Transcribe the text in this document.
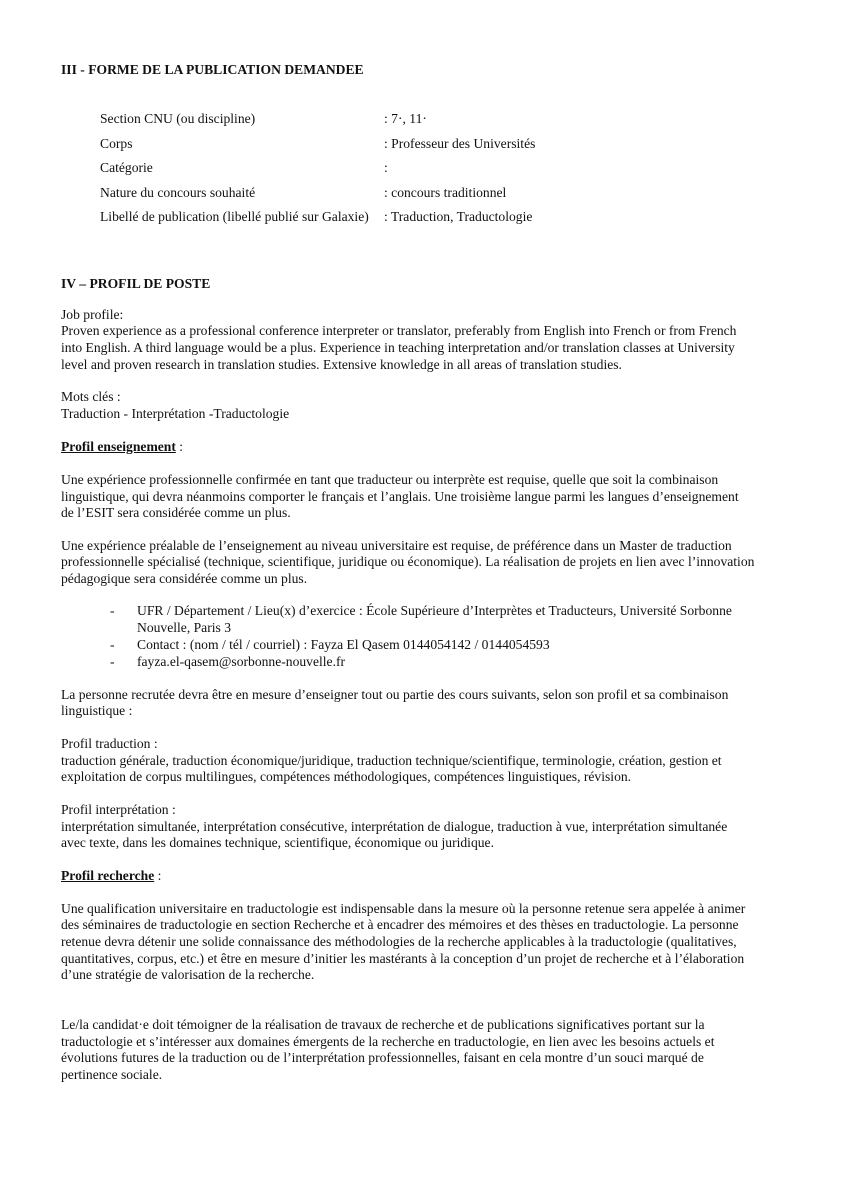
III - FORME DE LA PUBLICATION DEMANDEE
Section CNU (ou discipline)	: 7·, 11·
Corps	: Professeur des Universités
Catégorie	:
Nature du concours souhaité	: concours traditionnel
Libellé de publication (libellé publié sur Galaxie) : Traduction, Traductologie
IV – PROFIL DE POSTE
Job profile:
Proven experience as a professional conference interpreter or translator, preferably from English into French or from French
into English. A third language would be a plus. Experience in teaching interpretation and/or translation classes at University
level and proven research in translation studies. Extensive knowledge in all areas of translation studies.
Mots clés :
Traduction - Interprétation -Traductologie
Profil enseignement :
Une expérience professionnelle confirmée en tant que traducteur ou interprète est requise, quelle que soit la combinaison
linguistique, qui devra néanmoins comporter le français et l’anglais. Une troisième langue parmi les langues d’enseignement
de l’ESIT sera considérée comme un plus.
Une expérience préalable de l’enseignement au niveau universitaire est requise, de préférence dans un Master de traduction
professionnelle spécialisé (technique, scientifique, juridique ou économique). La réalisation de projets en lien avec l’innovation
pédagogique sera considérée comme un plus.
- UFR / Département / Lieu(x) d’exercice : École Supérieure d’Interprètes et Traducteurs, Université Sorbonne
Nouvelle, Paris 3
- Contact : (nom / tél / courriel) : Fayza El Qasem 0144054142 / 0144054593
- fayza.el-qasem@sorbonne-nouvelle.fr
La personne recrutée devra être en mesure d’enseigner tout ou partie des cours suivants, selon son profil et sa combinaison
linguistique :
Profil traduction :
traduction générale, traduction économique/juridique, traduction technique/scientifique, terminologie, création, gestion et
exploitation de corpus multilingues, compétences méthodologiques, compétences linguistiques, révision.
Profil interprétation :
interprétation simultanée, interprétation consécutive, interprétation de dialogue, traduction à vue, interprétation simultanée
avec texte, dans les domaines technique, scientifique, économique ou juridique.
Profil recherche :
Une qualification universitaire en traductologie est indispensable dans la mesure où la personne retenue sera appelée à animer
des séminaires de traductologie en section Recherche et à encadrer des mémoires et des thèses en traductologie. La personne
retenue devra détenir une solide connaissance des méthodologies de la recherche applicables à la traductologie (qualitatives,
quantitatives, corpus, etc.) et être en mesure d’initier les mastérants à la conception d’un projet de recherche et à l’élaboration
d’une stratégie de valorisation de la recherche.
Le/la candidat·e doit témoigner de la réalisation de travaux de recherche et de publications significatives portant sur la
traductologie et s’intéresser aux domaines émergents de la recherche en traductologie, en lien avec les besoins actuels et
évolutions futures de la traduction ou de l’interprétation professionnelles, faisant en cela montre d’un souci marqué de
pertinence sociale.
